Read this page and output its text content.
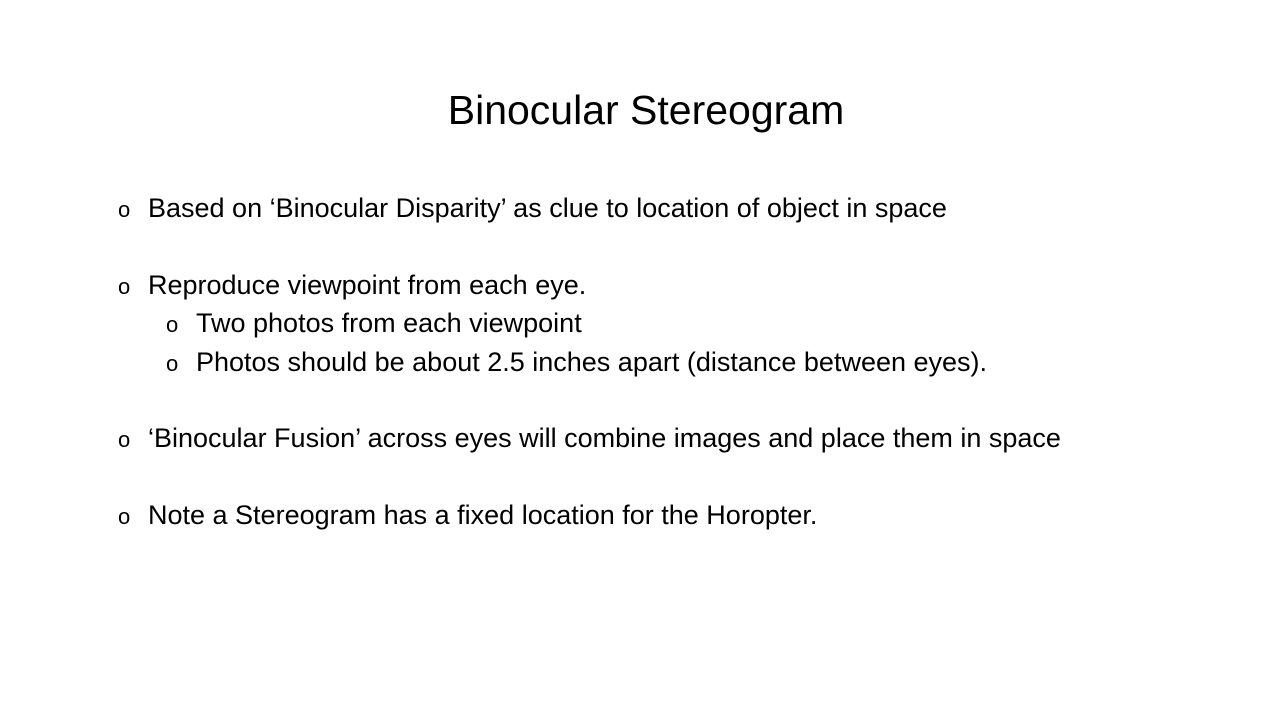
Binocular Stereogram
o Based on ‘Binocular Disparity’ as clue to location of object in space
o Reproduce viewpoint from each eye.
o Two photos from each viewpoint
o Photos should be about 2.5 inches apart (distance between eyes).
o ‘Binocular Fusion’ across eyes will combine images and place them in space
o Note a Stereogram has a fixed location for the Horopter.
